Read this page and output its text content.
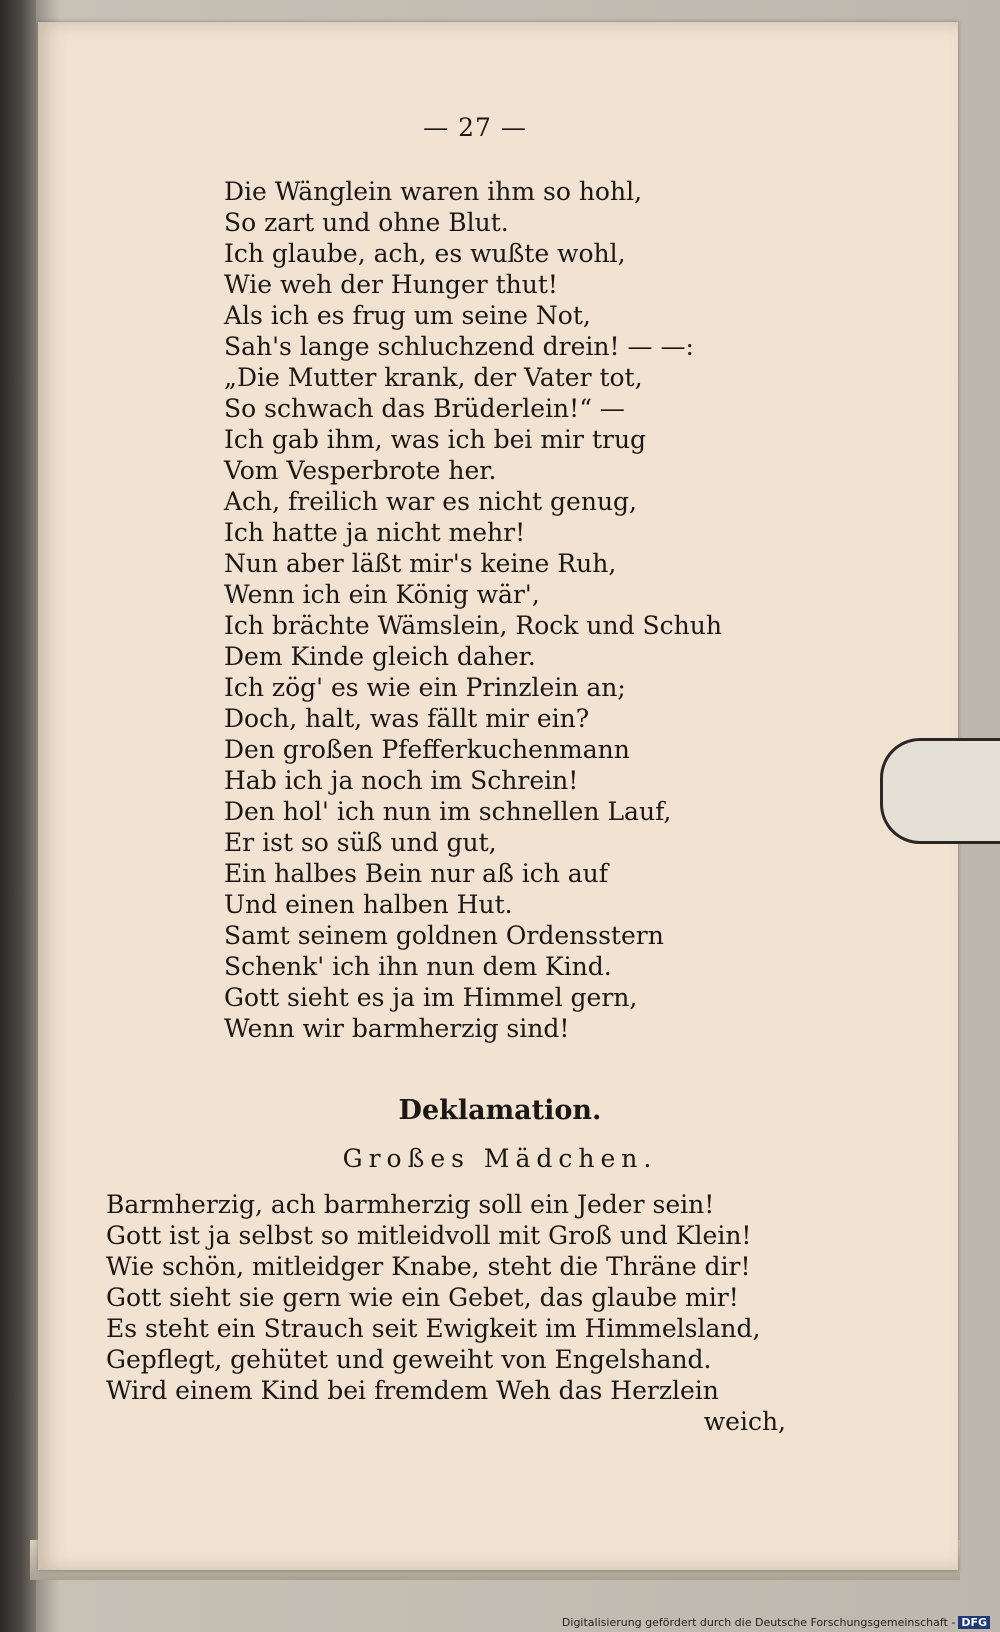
— 27 —
Die Wänglein waren ihm so hohl,
So zart und ohne Blut.
Ich glaube, ach, es wußte wohl,
Wie weh der Hunger thut!
Als ich es frug um seine Not,
Sah's lange schluchzend drein! — —:
„Die Mutter krank, der Vater tot,
So schwach das Brüderlein!“ —
Ich gab ihm, was ich bei mir trug
Vom Vesperbrote her.
Ach, freilich war es nicht genug,
Ich hatte ja nicht mehr!
Nun aber läßt mir's keine Ruh,
Wenn ich ein König wär',
Ich brächte Wämslein, Rock und Schuh
Dem Kinde gleich daher.
Ich zög' es wie ein Prinzlein an;
Doch, halt, was fällt mir ein?
Den großen Pfefferkuchenmann
Hab ich ja noch im Schrein!
Den hol' ich nun im schnellen Lauf,
Er ist so süß und gut,
Ein halbes Bein nur aß ich auf
Und einen halben Hut.
Samt seinem goldnen Ordensstern
Schenk' ich ihn nun dem Kind.
Gott sieht es ja im Himmel gern,
Wenn wir barmherzig sind!
Deklamation.
Großes Mädchen.
Barmherzig, ach barmherzig soll ein Jeder sein!
Gott ist ja selbst so mitleidvoll mit Groß und Klein!
Wie schön, mitleidger Knabe, steht die Thräne dir!
Gott sieht sie gern wie ein Gebet, das glaube mir!
Es steht ein Strauch seit Ewigkeit im Himmelsland,
Gepflegt, gehütet und geweiht von Engelshand.
Wird einem Kind bei fremdem Weh das Herzlein
weich,
Digitalisierung gefördert durch die Deutsche Forschungsgemeinschaft - DFG
